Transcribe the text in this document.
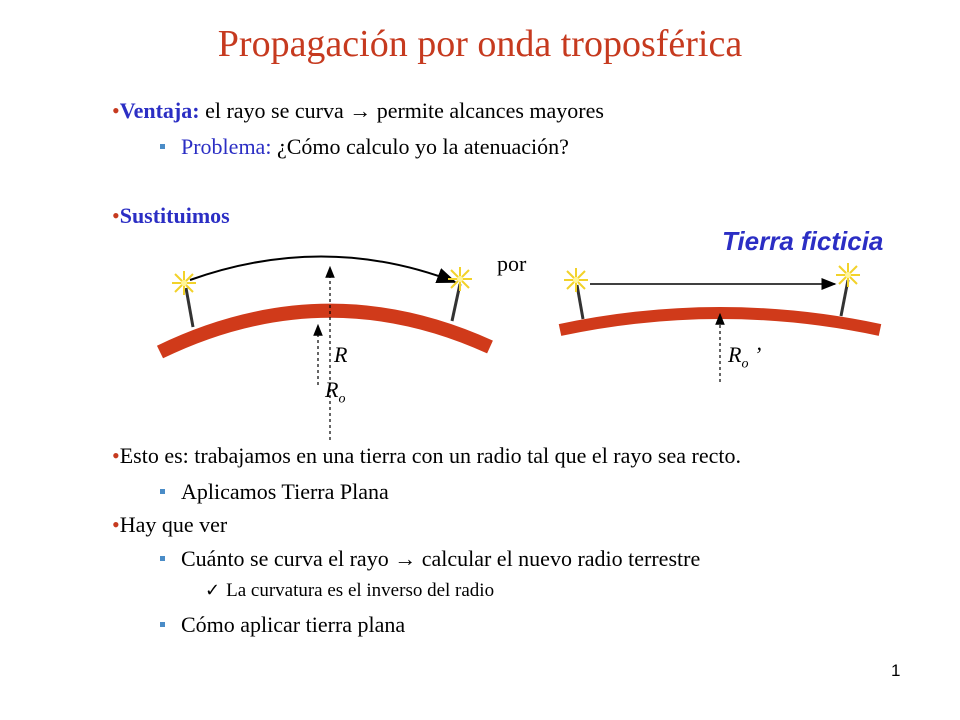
Propagación por onda troposférica
•Ventaja: el rayo se curva → permite alcances mayores
Problema: ¿Cómo calculo yo la atenuación?
•Sustituimos
por
Tierra ficticia
R
$R_o$
$R_o$ ’
•Esto es: trabajamos en una tierra con un radio tal que el rayo sea recto.
Aplicamos Tierra Plana
•Hay que ver
Cuánto se curva el rayo → calcular el nuevo radio terrestre
✓ La curvatura es el inverso del radio
Cómo aplicar tierra plana
1
